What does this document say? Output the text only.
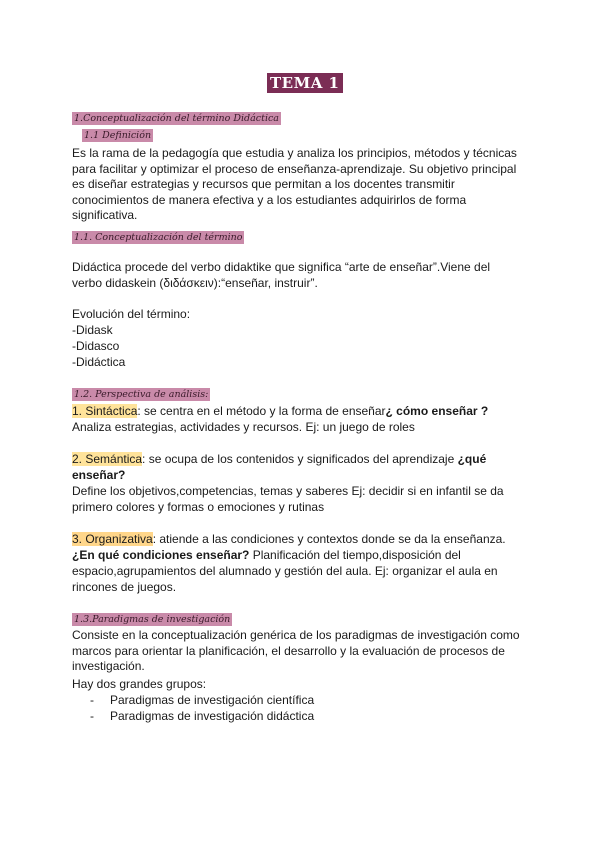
TEMA 1
1.Conceptualización del término Didáctica
1.1 Definición
Es la rama de la pedagogía que estudia y analiza los principios, métodos y técnicas para facilitar y optimizar el proceso de enseñanza-aprendizaje. Su objetivo principal es diseñar estrategias y recursos que permitan a los docentes transmitir conocimientos de manera efectiva y a los estudiantes adquirirlos de forma significativa.
1.1. Conceptualización del término
Didáctica procede del verbo didaktike que significa “arte de enseñar”.Viene del
verbo didaskein (διδάσκειν):“enseñar, instruir”.
Evolución del término:
-Didask
-Didasco
-Didáctica
1.2. Perspectiva de análisis:
1. Sintáctica: se centra en el método y la forma de enseñar¿ cómo enseñar ?
Analiza estrategias, actividades y recursos. Ej: un juego de roles
2. Semántica: se ocupa de los contenidos y significados del aprendizaje ¿qué
enseñar?
Define los objetivos,competencias, temas y saberes Ej: decidir si en infantil se da
primero colores y formas o emociones y rutinas
3. Organizativa: atiende a las condiciones y contextos donde se da la enseñanza.
¿En qué condiciones enseñar? Planificación del tiempo,disposición del
espacio,agrupamientos del alumnado y gestión del aula. Ej: organizar el aula en
rincones de juegos.
1.3.Paradigmas de investigación
Consiste en la conceptualización genérica de los paradigmas de investigación como marcos para orientar la planificación, el desarrollo y la evaluación de procesos de investigación.
Hay dos grandes grupos:
- Paradigmas de investigación científica
- Paradigmas de investigación didáctica
